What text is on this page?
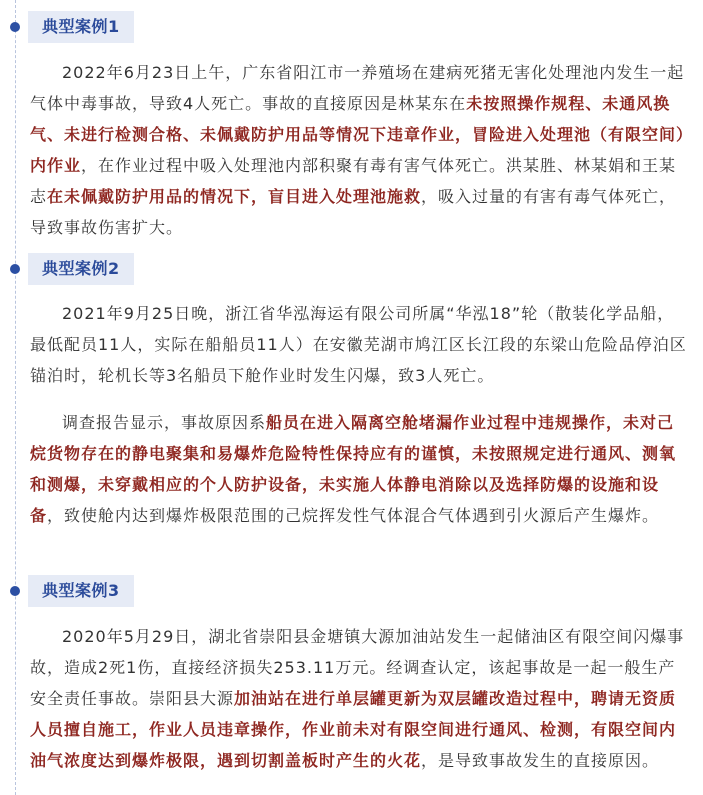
典型案例1

2022年6月23日上午，广东省阳江市一养殖场在建病死猪无害化处理池内发生一起气体中毒事故，导致4人死亡。事故的直接原因是林某东在未按照操作规程、未通风换气、未进行检测合格、未佩戴防护用品等情况下违章作业，冒险进入处理池（有限空间）内作业，在作业过程中吸入处理池内部积聚有毒有害气体死亡。洪某胜、林某娟和王某志在未佩戴防护用品的情况下，盲目进入处理池施救，吸入过量的有害有毒气体死亡，导致事故伤害扩大。

典型案例2

2021年9月25日晚，浙江省华泓海运有限公司所属“华泓18”轮（散装化学品船，最低配员11人，实际在船船员11人）在安徽芜湖市鸠江区长江段的东梁山危险品停泊区锚泊时，轮机长等3名船员下舱作业时发生闪爆，致3人死亡。

调查报告显示，事故原因系船员在进入隔离空舱堵漏作业过程中违规操作，未对己烷货物存在的静电聚集和易爆炸危险特性保持应有的谨慎，未按照规定进行通风、测氧和测爆，未穿戴相应的个人防护设备，未实施人体静电消除以及选择防爆的设施和设备，致使舱内达到爆炸极限范围的己烷挥发性气体混合气体遇到引火源后产生爆炸。

典型案例3

2020年5月29日，湖北省崇阳县金塘镇大源加油站发生一起储油区有限空间闪爆事故，造成2死1伤，直接经济损失253.11万元。经调查认定，该起事故是一起一般生产安全责任事故。崇阳县大源加油站在进行单层罐更新为双层罐改造过程中，聘请无资质人员擅自施工，作业人员违章操作，作业前未对有限空间进行通风、检测，有限空间内油气浓度达到爆炸极限，遇到切割盖板时产生的火花，是导致事故发生的直接原因。
